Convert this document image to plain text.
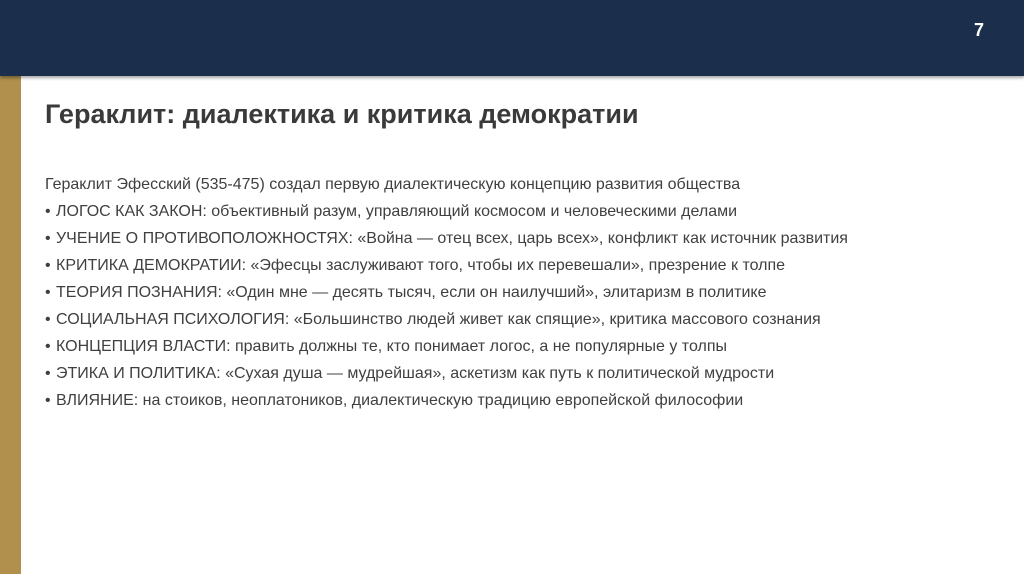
7
Гераклит: диалектика и критика демократии
Гераклит Эфесский (535-475) создал первую диалектическую концепцию развития общества
• ЛОГОС КАК ЗАКОН: объективный разум, управляющий космосом и человеческими делами
• УЧЕНИЕ О ПРОТИВОПОЛОЖНОСТЯХ: «Война — отец всех, царь всех», конфликт как источник развития
• КРИТИКА ДЕМОКРАТИИ: «Эфесцы заслуживают того, чтобы их перевешали», презрение к толпе
• ТЕОРИЯ ПОЗНАНИЯ: «Один мне — десять тысяч, если он наилучший», элитаризм в политике
• СОЦИАЛЬНАЯ ПСИХОЛОГИЯ: «Большинство людей живет как спящие», критика массового сознания
• КОНЦЕПЦИЯ ВЛАСТИ: править должны те, кто понимает логос, а не популярные у толпы
• ЭТИКА И ПОЛИТИКА: «Сухая душа — мудрейшая», аскетизм как путь к политической мудрости
• ВЛИЯНИЕ: на стоиков, неоплатоников, диалектическую традицию европейской философии
